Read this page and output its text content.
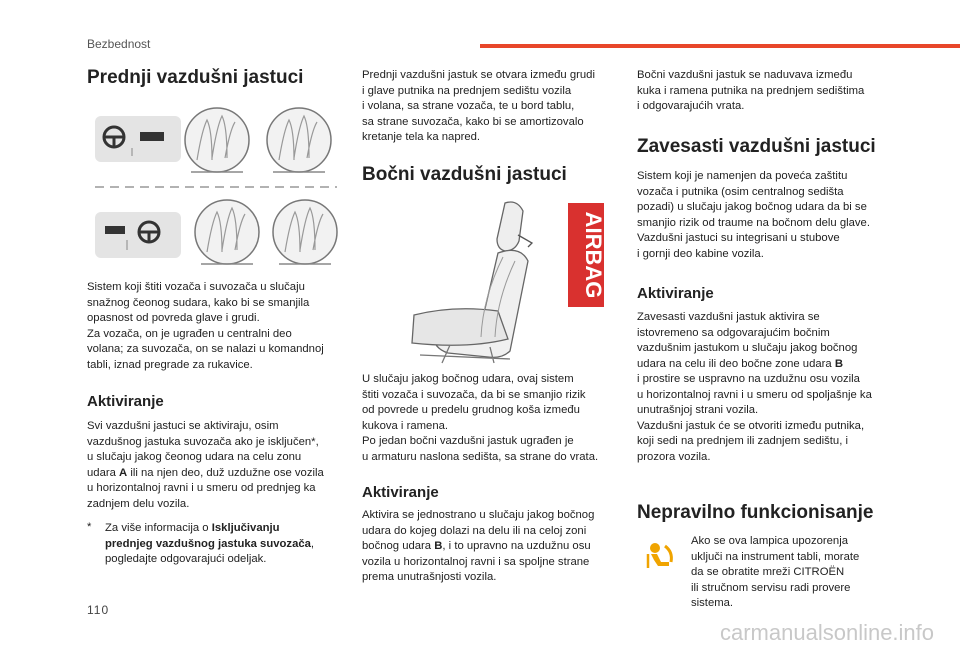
Bezbednost
Prednji vazdušni jastuci

Sistem koji štiti vozača i suvozača u slučaju
snažnog čeonog sudara, kako bi se smanjila
opasnost od povreda glave i grudi.
Za vozača, on je ugrađen u centralni deo
volana; za suvozača, on se nalazi u komandnoj
tabli, iznad pregrade za rukavice.

Aktiviranje

Svi vazdušni jastuci se aktiviraju, osim
vazdušnog jastuka suvozača ako je isključen*,
u slučaju jakog čeonog udara na celu zonu
udara A ili na njen deo, duž uzdužne ose vozila
u horizontalnoj ravni i u smeru od prednjeg ka
zadnjem delu vozila.

* Za više informacija o Isključivanju
prednjeg vazdušnog jastuka suvozača,
pogledajte odgovarajući odeljak.

Prednji vazdušni jastuk se otvara između grudi
i glave putnika na prednjem sedištu vozila
i volana, sa strane vozača, te u bord tablu,
sa strane suvozača, kako bi se amortizovalo
kretanje tela ka napred.

Bočni vazdušni jastuci
AIRBAG

U slučaju jakog bočnog udara, ovaj sistem
štiti vozača i suvozača, da bi se smanjio rizik
od povrede u predelu grudnog koša između
kukova i ramena.
Po jedan bočni vazdušni jastuk ugrađen je
u armaturu naslona sedišta, sa strane do vrata.

Aktiviranje

Aktivira se jednostrano u slučaju jakog bočnog
udara do kojeg dolazi na delu ili na celoj zoni
bočnog udara B, i to upravno na uzdužnu osu
vozila u horizontalnoj ravni i sa spoljne strane
prema unutrašnjosti vozila.

Bočni vazdušni jastuk se naduvava između
kuka i ramena putnika na prednjem sedištima
i odgovarajućih vrata.

Zavesasti vazdušni jastuci

Sistem koji je namenjen da poveća zaštitu
vozača i putnika (osim centralnog sedišta
pozadi) u slučaju jakog bočnog udara da bi se
smanjio rizik od traume na bočnom delu glave.
Vazdušni jastuci su integrisani u stubove
i gornji deo kabine vozila.

Aktiviranje

Zavesasti vazdušni jastuk aktivira se
istovremeno sa odgovarajućim bočnim
vazdušnim jastukom u slučaju jakog bočnog
udara na celu ili deo bočne zone udara B
i prostire se uspravno na uzdužnu osu vozila
u horizontalnoj ravni i u smeru od spoljašnje ka
unutrašnjoj strani vozila.
Vazdušni jastuk će se otvoriti između putnika,
koji sedi na prednjem ili zadnjem sedištu, i
prozora vozila.

Nepravilno funkcionisanje

Ako se ova lampica upozorenja
uključi na instrument tabli, morate
da se obratite mreži CITROËN
ili stručnom servisu radi provere
sistema.

110
carmanualsonline.info
